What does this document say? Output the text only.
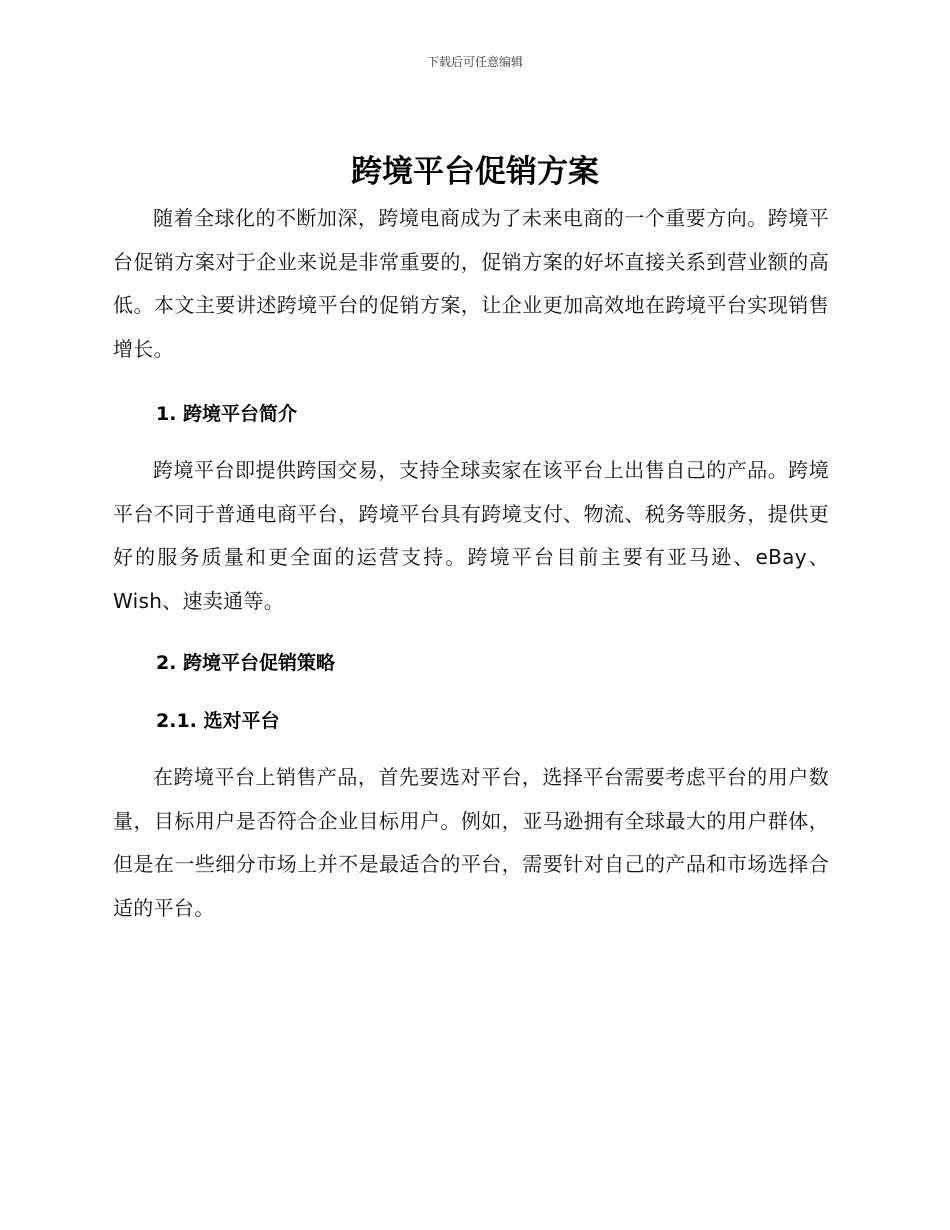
下载后可任意编辑
跨境平台促销方案

随着全球化的不断加深，跨境电商成为了未来电商的一个重要方向。跨境平台促销方案对于企业来说是非常重要的，促销方案的好坏直接关系到营业额的高低。本文主要讲述跨境平台的促销方案，让企业更加高效地在跨境平台实现销售增长。

1. 跨境平台简介

跨境平台即提供跨国交易，支持全球卖家在该平台上出售自己的产品。跨境平台不同于普通电商平台，跨境平台具有跨境支付、物流、税务等服务，提供更好的服务质量和更全面的运营支持。跨境平台目前主要有亚马逊、eBay、Wish、速卖通等。

2. 跨境平台促销策略
2.1. 选对平台

在跨境平台上销售产品，首先要选对平台，选择平台需要考虑平台的用户数量，目标用户是否符合企业目标用户。例如，亚马逊拥有全球最大的用户群体，但是在一些细分市场上并不是最适合的平台，需要针对自己的产品和市场选择合适的平台。
